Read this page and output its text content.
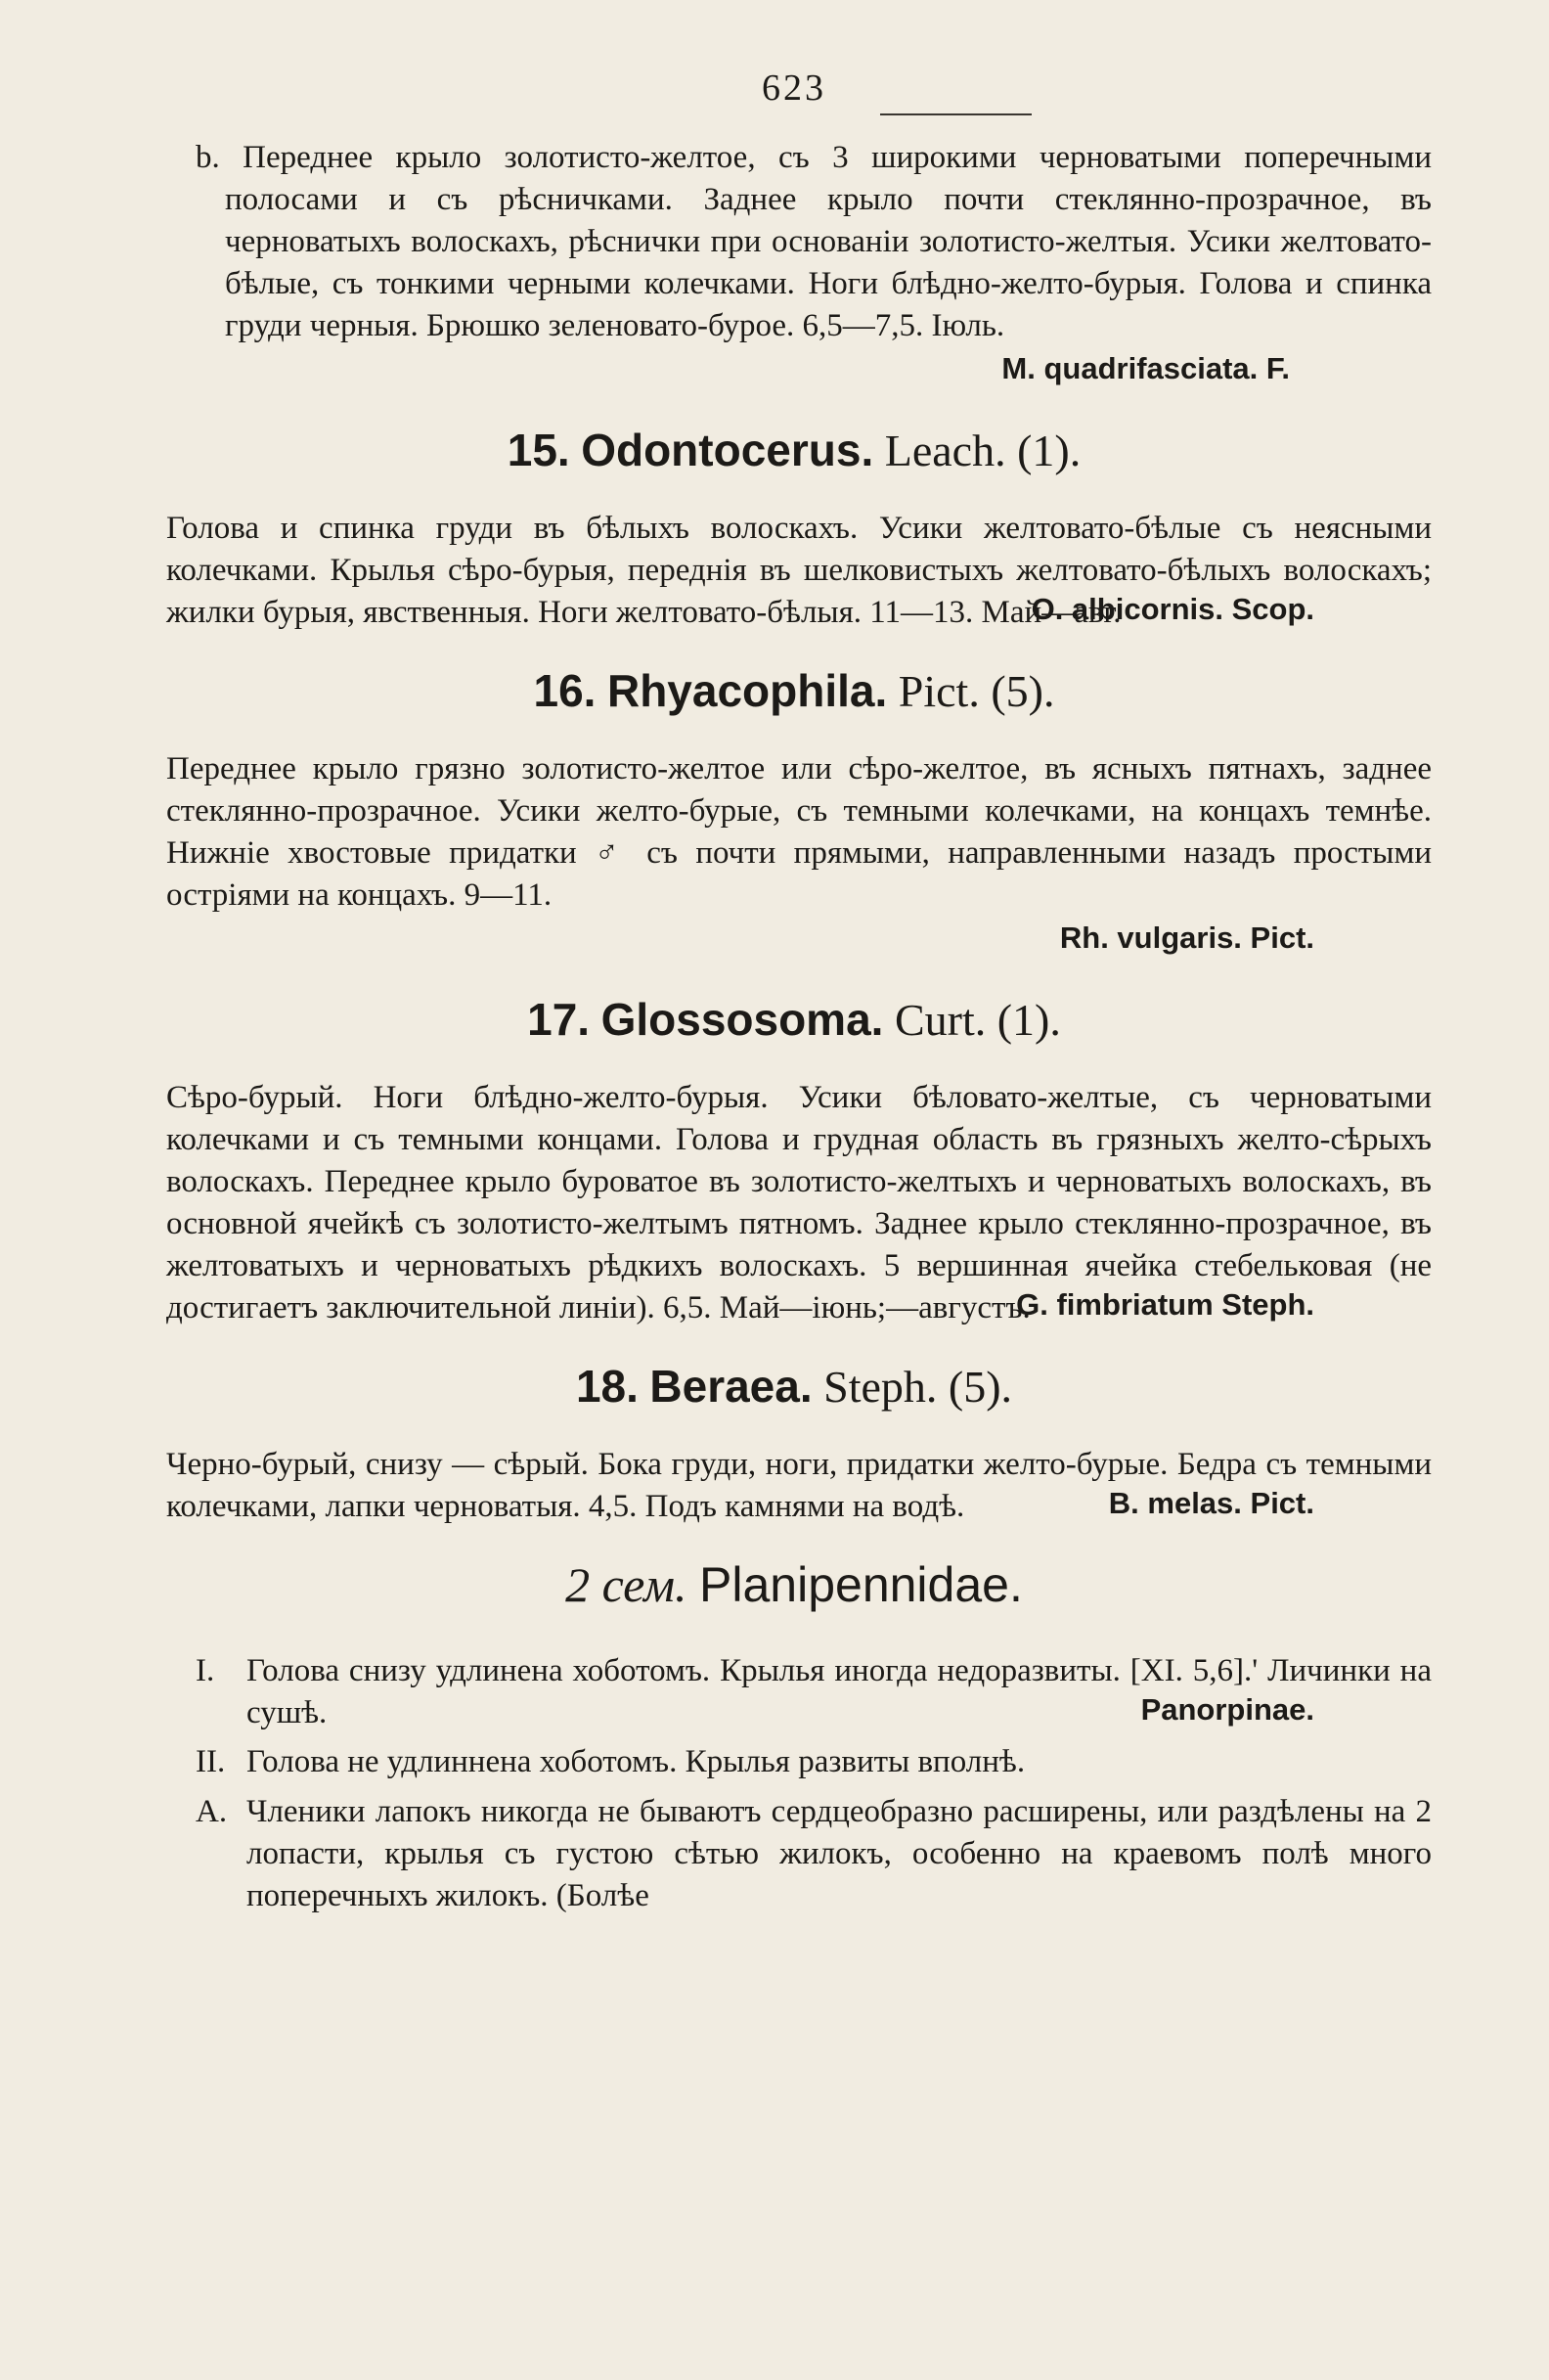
623

b. Переднее крыло золотисто-желтое, съ 3 широкими черноватыми поперечными полосами и съ рѣсничками. Заднее крыло почти стеклянно-прозрачное, въ черноватыхъ волоскахъ, рѣснички при основанiи золотисто-желтыя. Усики желтовато-бѣлые, съ тонкими черными колечками. Ноги блѣдно-желто-бурыя. Голова и спинка груди черныя. Брюшко зеленовато-бурое. 6,5—7,5. Iюль.

M. quadrifasciata. F.
15. Odontocerus. Leach. (1).

Голова и спинка груди въ бѣлыхъ волоскахъ. Усики желтовато-бѣлые съ неясными колечками. Крылья сѣро-бурыя, переднiя въ шелковистыхъ желтовато-бѣлыхъ волоскахъ; жилки бурыя, явственныя. Ноги желтовато-бѣлыя. 11—13. Май—авг.

O. albicornis. Scop.
16. Rhyacophila. Pict. (5).

Переднее крыло грязно золотисто-желтое или сѣро-желтое, въ ясныхъ пятнахъ, заднее стеклянно-прозрачное. Усики желто-бурые, съ темными колечками, на концахъ темнѣе. Нижнiе хвостовые придатки ♂ съ почти прямыми, направленными назадъ простыми острiями на концахъ. 9—11.

Rh. vulgaris. Pict.
17. Glossosoma. Curt. (1).

Сѣро-бурый. Ноги блѣдно-желто-бурыя. Усики бѣловато-желтые, съ черноватыми колечками и съ темными концами. Голова и грудная область въ грязныхъ желто-сѣрыхъ волоскахъ. Переднее крыло буроватое въ золотисто-желтыхъ и черноватыхъ волоскахъ, въ основной ячейкѣ съ золотисто-желтымъ пятномъ. Заднее крыло стеклянно-прозрачное, въ желтоватыхъ и черноватыхъ рѣдкихъ волоскахъ. 5 вершинная ячейка стебельковая (не достигаетъ заключительной линiи). 6,5. Май—iюнь;—августъ.

G. fimbriatum Steph.
18. Beraea. Steph. (5).

Черно-бурый, снизу — сѣрый. Бока груди, ноги, придатки желто-бурые. Бедра съ темными колечками, лапки черноватыя. 4,5. Подъ камнями на водѣ.	B. melas. Pict.
2 сем. Planipennidae.
I. Голова снизу удлинена хоботомъ. Крылья иногда недоразвиты. [XI. 5,6].' Личинки на сушѣ.	Panorpinae.
II. Голова не удлиннена хоботомъ. Крылья развиты вполнѣ.
A. Членики лапокъ никогда не бываютъ сердцеобразно расширены, или раздѣлены на 2 лопасти, крылья съ густою сѣтью жилокъ, особенно на краевомъ полѣ много поперечныхъ жилокъ. (Болѣе
